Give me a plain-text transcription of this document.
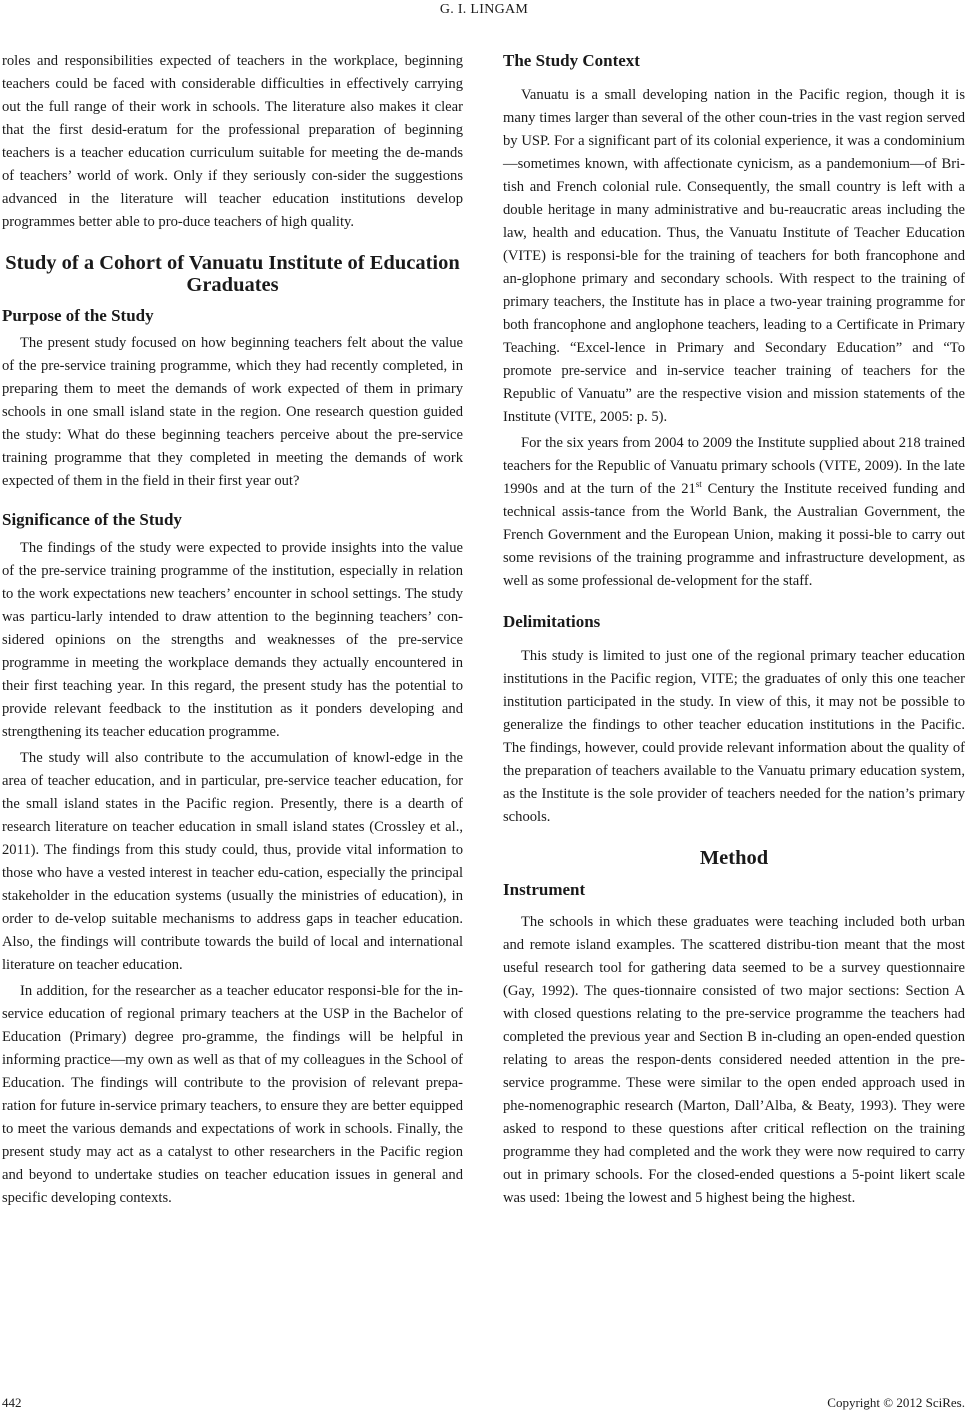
G. I. LINGAM

roles and responsibilities expected of teachers in the workplace, beginning teachers could be faced with considerable difficulties in effectively carrying out the full range of their work in schools. The literature also makes it clear that the first desid-eratum for the professional preparation of beginning teachers is a teacher education curriculum suitable for meeting the de-mands of teachers’ world of work. Only if they seriously con-sider the suggestions advanced in the literature will teacher education institutions develop programmes better able to pro-duce teachers of high quality.

Study of a Cohort of Vanuatu Institute of Education Graduates
Purpose of the Study

The present study focused on how beginning teachers felt about the value of the pre-service training programme, which they had recently completed, in preparing them to meet the demands of work expected of them in primary schools in one small island state in the region. One research question guided the study: What do these beginning teachers perceive about the pre-service training programme that they completed in meeting the demands of work expected of them in the field in their first year out?

Significance of the Study

The findings of the study were expected to provide insights into the value of the pre-service training programme of the institution, especially in relation to the work expectations new teachers’ encounter in school settings. The study was particu-larly intended to draw attention to the beginning teachers’ con-sidered opinions on the strengths and weaknesses of the pre-service programme in meeting the workplace demands they actually encountered in their first teaching year. In this regard, the present study has the potential to provide relevant feedback to the institution as it ponders developing and strengthening its teacher education programme.

The study will also contribute to the accumulation of knowl-edge in the area of teacher education, and in particular, pre-service teacher education, for the small island states in the Pacific region. Presently, there is a dearth of research literature on teacher education in small island states (Crossley et al., 2011). The findings from this study could, thus, provide vital information to those who have a vested interest in teacher edu-cation, especially the principal stakeholder in the education systems (usually the ministries of education), in order to de-velop suitable mechanisms to address gaps in teacher education. Also, the findings will contribute towards the build of local and international literature on teacher education.

In addition, for the researcher as a teacher educator responsi-ble for the in-service education of regional primary teachers at the USP in the Bachelor of Education (Primary) degree pro-gramme, the findings will be helpful in informing practice—my own as well as that of my colleagues in the School of Education. The findings will contribute to the provision of relevant prepa-ration for future in-service primary teachers, to ensure they are better equipped to meet the various demands and expectations of work in schools. Finally, the present study may act as a catalyst to other researchers in the Pacific region and beyond to undertake studies on teacher education issues in general and specific developing contexts.

The Study Context

Vanuatu is a small developing nation in the Pacific region, though it is many times larger than several of the other coun-tries in the vast region served by USP. For a significant part of its colonial experience, it was a condominium—sometimes known, with affectionate cynicism, as a pandemonium—of Bri-tish and French colonial rule. Consequently, the small country is left with a double heritage in many administrative and bu-reaucratic areas including the law, health and education. Thus, the Vanuatu Institute of Teacher Education (VITE) is responsi-ble for the training of teachers for both francophone and an-glophone primary and secondary schools. With respect to the training of primary teachers, the Institute has in place a two-year training programme for both francophone and anglophone teachers, leading to a Certificate in Primary Teaching. “Excel-lence in Primary and Secondary Education” and “To promote pre-service and in-service teacher training of teachers for the Republic of Vanuatu” are the respective vision and mission statements of the Institute (VITE, 2005: p. 5).

For the six years from 2004 to 2009 the Institute supplied about 218 trained teachers for the Republic of Vanuatu primary schools (VITE, 2009). In the late 1990s and at the turn of the 21st Century the Institute received funding and technical assis-tance from the World Bank, the Australian Government, the French Government and the European Union, making it possi-ble to carry out some revisions of the training programme and infrastructure development, as well as some professional de-velopment for the staff.

Delimitations

This study is limited to just one of the regional primary teacher education institutions in the Pacific region, VITE; the graduates of only this one teacher institution participated in the study. In view of this, it may not be possible to generalize the findings to other teacher education institutions in the Pacific. The findings, however, could provide relevant information about the quality of the preparation of teachers available to the Vanuatu primary education system, as the Institute is the sole provider of teachers needed for the nation’s primary schools.

Method
Instrument

The schools in which these graduates were teaching included both urban and remote island examples. The scattered distribu-tion meant that the most useful research tool for gathering data seemed to be a survey questionnaire (Gay, 1992). The ques-tionnaire consisted of two major sections: Section A with closed questions relating to the pre-service programme the teachers had completed the previous year and Section B in-cluding an open-ended question relating to areas the respon-dents considered needed attention in the pre-service programme. These were similar to the open ended approach used in phe-nomenographic research (Marton, Dall’Alba, & Beaty, 1993). They were asked to respond to these questions after critical reflection on the training programme they had completed and the work they were now required to carry out in primary schools. For the closed-ended questions a 5-point likert scale was used: 1being the lowest and 5 highest being the highest.

442	Copyright © 2012 SciRes.
